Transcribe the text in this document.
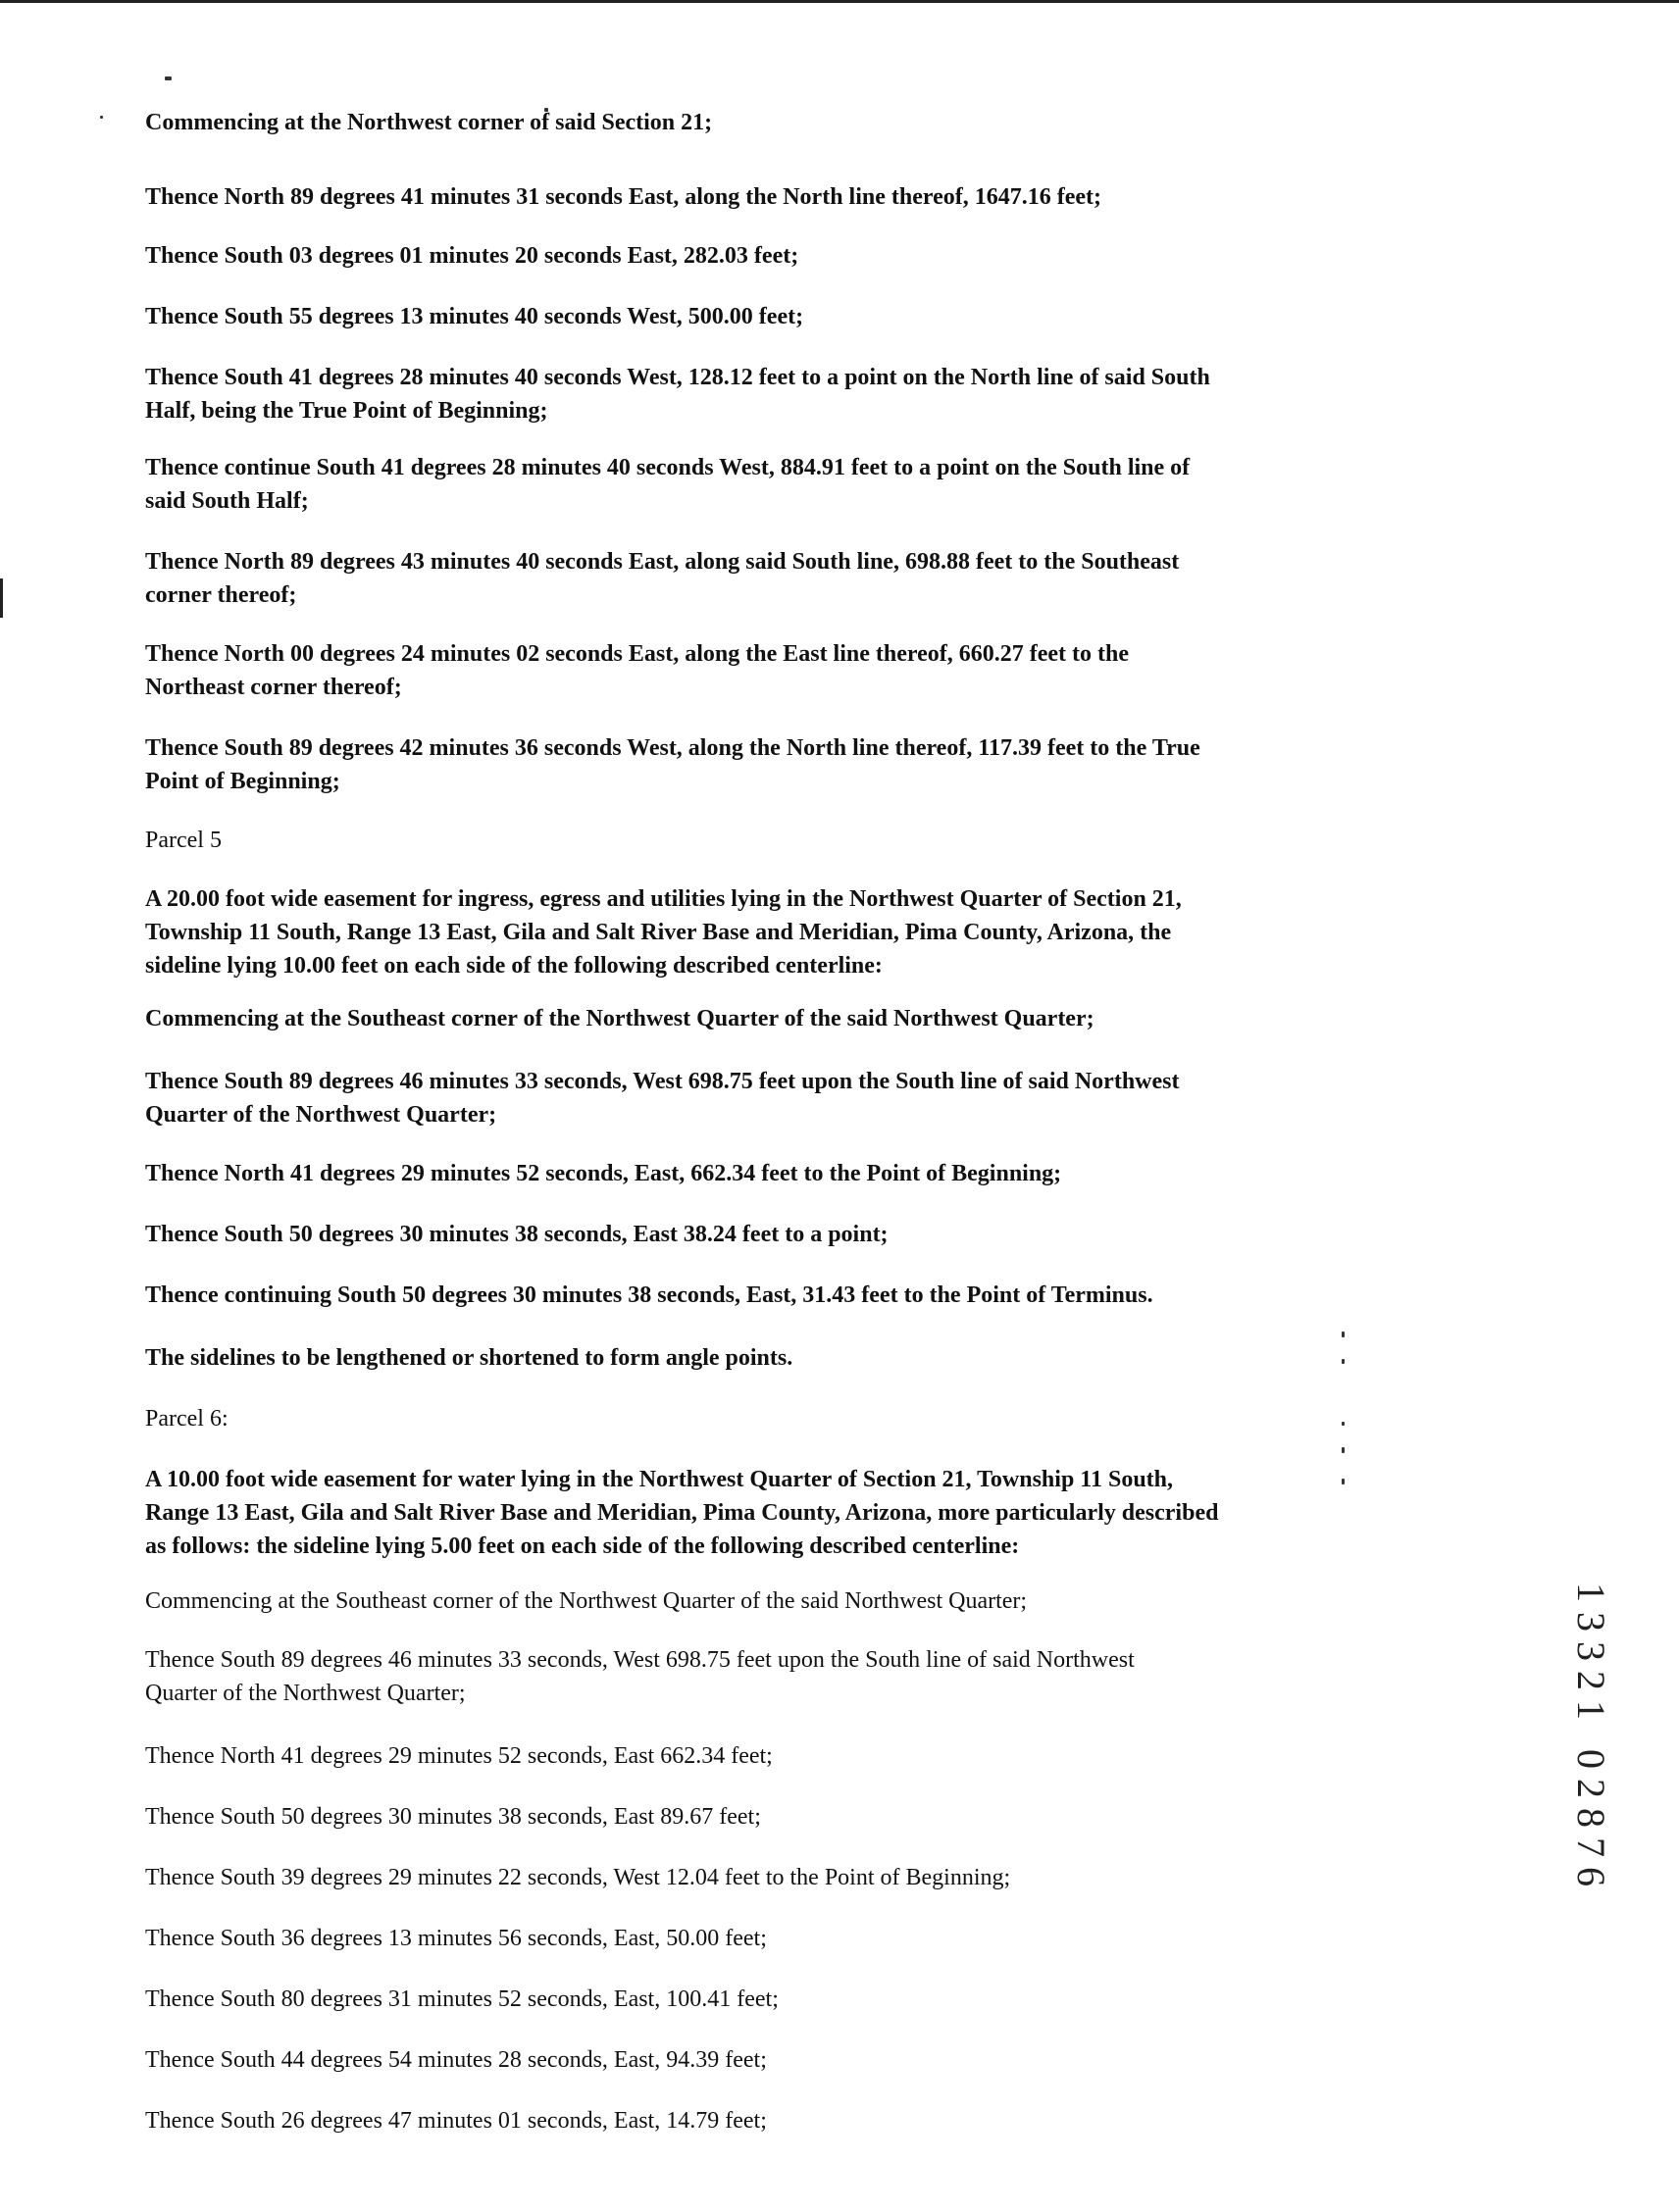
Commencing at the Northwest corner of said Section 21;

Thence North 89 degrees 41 minutes 31 seconds East, along the North line thereof, 1647.16 feet;

Thence South 03 degrees 01 minutes 20 seconds East, 282.03 feet;

Thence South 55 degrees 13 minutes 40 seconds West, 500.00 feet;

Thence South 41 degrees 28 minutes 40 seconds West, 128.12 feet to a point on the North line of said South
Half, being the True Point of Beginning;

Thence continue South 41 degrees 28 minutes 40 seconds West, 884.91 feet to a point on the South line of
said South Half;

Thence North 89 degrees 43 minutes 40 seconds East, along said South line, 698.88 feet to the Southeast
corner thereof;

Thence North 00 degrees 24 minutes 02 seconds East, along the East line thereof, 660.27 feet to the
Northeast corner thereof;

Thence South 89 degrees 42 minutes 36 seconds West, along the North line thereof, 117.39 feet to the True
Point of Beginning;

Parcel 5

A 20.00 foot wide easement for ingress, egress and utilities lying in the Northwest Quarter of Section 21,
Township 11 South, Range 13 East, Gila and Salt River Base and Meridian, Pima County, Arizona, the
sideline lying 10.00 feet on each side of the following described centerline:

Commencing at the Southeast corner of the Northwest Quarter of the said Northwest Quarter;

Thence South 89 degrees 46 minutes 33 seconds, West 698.75 feet upon the South line of said Northwest
Quarter of the Northwest Quarter;

Thence North 41 degrees 29 minutes 52 seconds, East, 662.34 feet to the Point of Beginning;

Thence South 50 degrees 30 minutes 38 seconds, East 38.24 feet to a point;

Thence continuing South 50 degrees 30 minutes 38 seconds, East, 31.43 feet to the Point of Terminus.

The sidelines to be lengthened or shortened to form angle points.

Parcel 6:

A 10.00 foot wide easement for water lying in the Northwest Quarter of Section 21, Township 11 South,
Range 13 East, Gila and Salt River Base and Meridian, Pima County, Arizona, more particularly described
as follows: the sideline lying 5.00 feet on each side of the following described centerline:

Commencing at the Southeast corner of the Northwest Quarter of the said Northwest Quarter;

Thence South 89 degrees 46 minutes 33 seconds, West 698.75 feet upon the South line of said Northwest
Quarter of the Northwest Quarter;

Thence North 41 degrees 29 minutes 52 seconds, East 662.34 feet;

Thence South 50 degrees 30 minutes 38 seconds, East 89.67 feet;

Thence South 39 degrees 29 minutes 22 seconds, West 12.04 feet to the Point of Beginning;

Thence South 36 degrees 13 minutes 56 seconds, East, 50.00 feet;

Thence South 80 degrees 31 minutes 52 seconds, East, 100.41 feet;

Thence South 44 degrees 54 minutes 28 seconds, East, 94.39 feet;

Thence South 26 degrees 47 minutes 01 seconds, East, 14.79 feet;

13321 02876
